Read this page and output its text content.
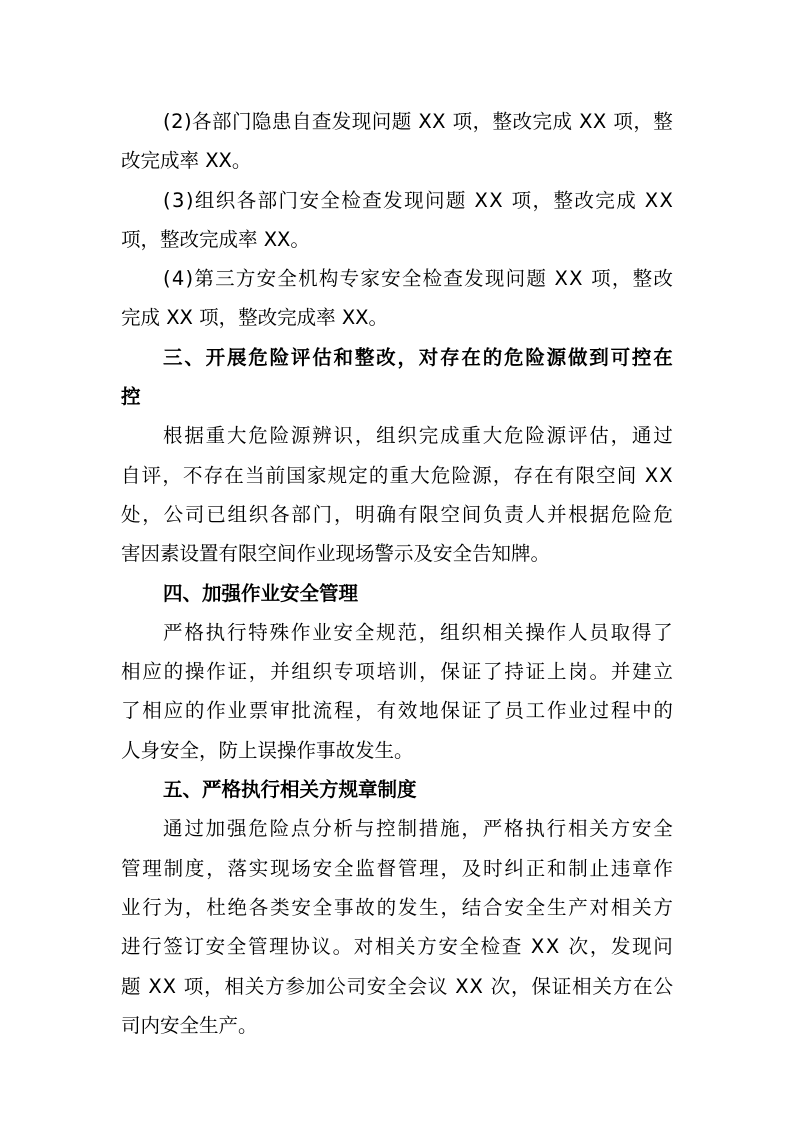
( 2 ) 各 部 门 隐 患 自 查 发 现 问 题
X X
项 ， 整 改 完 成
X X
项 ， 整
改完成率 XX。
( 3 ) 组 织 各 部 门 安 全 检 查 发 现 问 题
X X
项 ， 整 改 完 成
X X
项，整改完成率 XX。
( 4 ) 第 三 方 安 全 机 构 专 家 安 全 检 查 发 现 问 题
X X
项 ， 整 改
完成 XX 项，整改完成率 XX。
三 、 开 展 危 险 评 估 和 整 改 ， 对 存 在 的 危 险 源 做 到 可 控 在
控
根 据 重 大 危 险 源 辨 识 ， 组 织 完 成 重 大 危 险 源 评 估 ， 通 过
自 评 ， 不 存 在 当 前 国 家 规 定 的 重 大 危 险 源 ， 存 在 有 限 空 间
X X
处 ， 公 司 已 组 织 各 部 门 ， 明 确 有 限 空 间 负 责 人 并 根 据 危 险 危
害因素设置有限空间作业现场警示及安全告知牌。
四、加强作业安全管理
严 格 执 行 特 殊 作 业 安 全 规 范 ， 组 织 相 关 操 作 人 员 取 得 了
相 应 的 操 作 证 ， 并 组 织 专 项 培 训 ， 保 证 了 持 证 上 岗 。 并 建 立
了 相 应 的 作 业 票 审 批 流 程 ， 有 效 地 保 证 了 员 工 作 业 过 程 中 的
人身安全，防上误操作事故发生。
五、严格执行相关方规章制度
通 过 加 强 危 险 点 分 析 与 控 制 措 施 ， 严 格 执 行 相 关 方 安 全
管 理 制 度 ， 落 实 现 场 安 全 监 督 管 理 ， 及 时 纠 正 和 制 止 违 章 作
业 行 为 ， 杜 绝 各 类 安 全 事 故 的 发 生 ， 结 合 安 全 生 产 对 相 关 方
进 行 签 订 安 全 管 理 协 议 。 对 相 关 方 安 全 检 查
X X
次 ， 发 现 问
题
X X
项 ， 相 关 方 参 加 公 司 安 全 会 议
X X
次 ， 保 证 相 关 方 在 公
司内安全生产。
